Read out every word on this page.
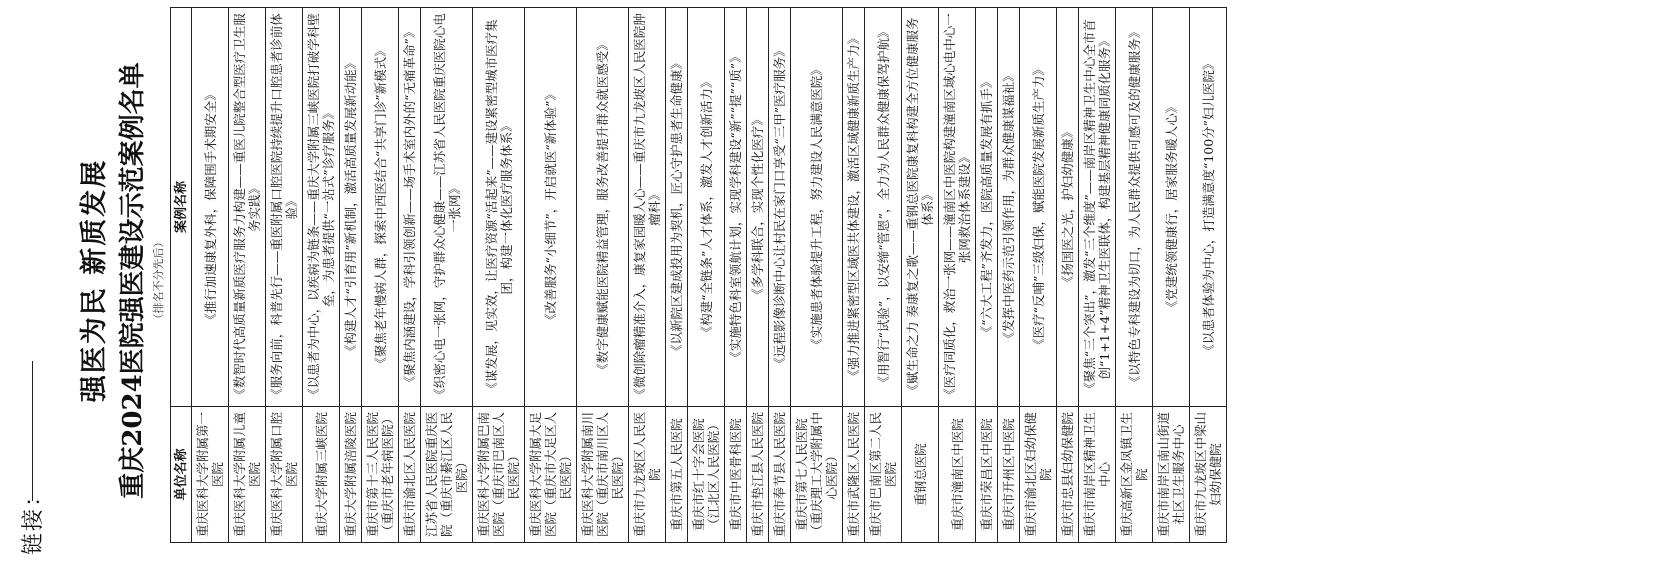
链接：
强医为民 新质发展 重庆2024医院强医建设示范案例名单 （排名不分先后）
单位名称	案例名称
重庆医科大学附属第一医院	《推行加速康复外科，保障围手术期安全》
重庆医科大学附属儿童医院	《数智时代高质量新质医疗服务力构建——重医儿院整合型医疗卫生服务实践》
重庆医科大学附属口腔医院	《服务向前，科普先行——重医附属口腔医院持续提升口腔患者诊前体验》
重庆大学附属三峡医院	《以患者为中心，以疾病为链条——重庆大学附属三峡医院打破学科壁垒，为患者提供“一站式”诊疗服务》
重庆大学附属涪陵医院	《构建人才“引育用”新机制，激活高质量发展新动能》
重庆市第十三人民医院（重庆市老年病医院）	《聚焦老年慢病人群，探索中西医结合“共享门诊”新模式》
重庆市渝北区人民医院	《聚焦内涵建设，学科引领创新——场手术室内外的“无痛革命”》
江苏省人民医院重庆医院（重庆市綦江区人民医院）	《织密心电一张网，守护群众心健康——江苏省人民医院重庆医院心电一张网》
重庆医科大学附属巴南医院（重庆市巴南区人民医院）	《谋发展，见实效，让医疗资源“活起来”——建设紧密型城市医疗集团，构建一体化医疗服务体系》
重庆医科大学附属大足医院（重庆市大足区人民医院）	《改善服务“小细节”，开启就医“新体验”》
重庆医科大学附属南川医院（重庆市南川区人民医院）	《数字健康赋能医院精益管理，服务改善提升群众就医感受》
重庆市九龙坡区人民医院	《微创除瘤精准介入，康复家园暖人心——重庆市九龙坡区人民医院肿瘤科》
重庆市第五人民医院	《以新院区建成投用为契机，匠心守护患者生命健康》
重庆市红十字会医院（江北区人民医院）	《构建“全链条”人才体系，激发人才创新活力》
重庆市中医骨科医院	《实施特色科室领航计划，实现学科建设“新”“提”“质”》
重庆市垫江县人民医院	《多学科联合，实现个性化医疗》
重庆市奉节县人民医院	《远程影像诊断中心让村民在家门口享受“三甲”医疗服务》
重庆市第七人民医院（重庆理工大学附属中心医院）	《实施患者体验提升工程，努力建设人民满意医院》
重庆市武隆区人民医院	《强力推进紧密型区域医共体建设，激活区域健康新质生产力》
重庆市巴南区第二人民医院	《用智行“试验”，以安缔“管恩”，全力为人民群众健康保驾护航》
重钢总医院	《赋生命之力 奏康复之歌——重钢总医院康复科构建全方位健康服务体系》
重庆市潼南区中医院	《医疗同质化，救治一张网——潼南区中医院构建潼南区域心电中心一张网救治体系建设》
重庆市荣昌区中医院	《“六大工程”齐发力，医院高质量发展有抓手》
重庆市开州区中医院	《发挥中医药示范引领作用，为群众健康谋福祉》
重庆市渝北区妇幼保健院	《医疗“反哺”三级妇保，赋能医院发展新质生产力》
重庆市忠县妇幼保健院	《扬国医之光，护妇幼健康》
重庆市南岸区精神卫生中心	《聚焦“三个突出”，激发“三个维度”——南岸区精神卫生中心全市首创“1+1+4”精神卫生医联体，构建基层精神健康同质化服务》
重庆高新区金凤镇卫生院	《以特色专科建设为切口，为人民群众提供可感可及的健康服务》
重庆市南岸区南山街道社区卫生服务中心	《党建统领健康行，居家服务暖人心》
重庆市九龙坡区中梁山妇幼保健院	《以患者体验为中心，打造满意度“100分”妇儿医院》
